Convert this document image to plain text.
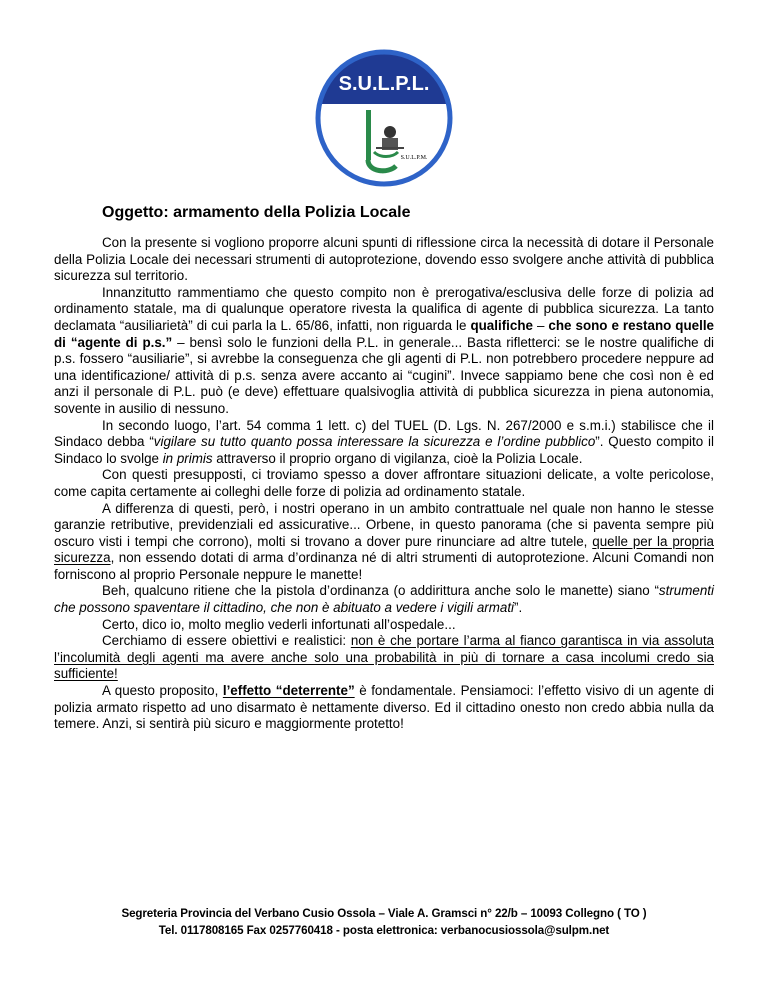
S.U.L.P.L.
S.U.L.P.M.
Oggetto: armamento della Polizia Locale

Con la presente si vogliono proporre alcuni spunti di riflessione circa la necessità di dotare il Personale della Polizia Locale dei necessari strumenti di autoprotezione, dovendo esso svolgere anche attività di pubblica sicurezza sul territorio.

Innanzitutto rammentiamo che questo compito non è prerogativa/esclusiva delle forze di polizia ad ordinamento statale, ma di qualunque operatore rivesta la qualifica di agente di pubblica sicurezza. La tanto declamata “ausiliarietà” di cui parla la L. 65/86, infatti, non riguarda le qualifiche – che sono e restano quelle di “agente di p.s.” – bensì solo le funzioni della P.L. in generale... Basta rifletterci: se le nostre qualifiche di p.s. fossero “ausiliarie”, si avrebbe la conseguenza che gli agenti di P.L. non potrebbero procedere neppure ad una identificazione/ attività di p.s. senza avere accanto ai “cugini”. Invece sappiamo bene che così non è ed anzi il personale di P.L. può (e deve) effettuare qualsivoglia attività di pubblica sicurezza in piena autonomia, sovente in ausilio di nessuno.

In secondo luogo, l’art. 54 comma 1 lett. c) del TUEL (D. Lgs. N. 267/2000 e s.m.i.) stabilisce che il Sindaco debba “vigilare su tutto quanto possa interessare la sicurezza e l’ordine pubblico”. Questo compito il Sindaco lo svolge in primis attraverso il proprio organo di vigilanza, cioè la Polizia Locale.

Con questi presupposti, ci troviamo spesso a dover affrontare situazioni delicate, a volte pericolose, come capita certamente ai colleghi delle forze di polizia ad ordinamento statale.

A differenza di questi, però, i nostri operano in un ambito contrattuale nel quale non hanno le stesse garanzie retributive, previdenziali ed assicurative... Orbene, in questo panorama (che si paventa sempre più oscuro visti i tempi che corrono), molti si trovano a dover pure rinunciare ad altre tutele, quelle per la propria sicurezza, non essendo dotati di arma d’ordinanza né di altri strumenti di autoprotezione. Alcuni Comandi non forniscono al proprio Personale neppure le manette!

Beh, qualcuno ritiene che la pistola d’ordinanza (o addirittura anche solo le manette) siano “strumenti che possono spaventare il cittadino, che non è abituato a vedere i vigili armati”.

Certo, dico io, molto meglio vederli infortunati all’ospedale...

Cerchiamo di essere obiettivi e realistici: non è che portare l’arma al fianco garantisca in via assoluta l’incolumità degli agenti ma avere anche solo una probabilità in più di tornare a casa incolumi credo sia sufficiente!

A questo proposito, l’effetto “deterrente” è fondamentale. Pensiamoci: l’effetto visivo di un agente di polizia armato rispetto ad uno disarmato è nettamente diverso. Ed il cittadino onesto non credo abbia nulla da temere. Anzi, si sentirà più sicuro e maggiormente protetto!

Segreteria Provincia del Verbano Cusio Ossola – Viale A. Gramsci n° 22/b – 10093 Collegno ( TO )
Tel. 0117808165 Fax 0257760418 - posta elettronica: verbanocusiossola@sulpm.net
